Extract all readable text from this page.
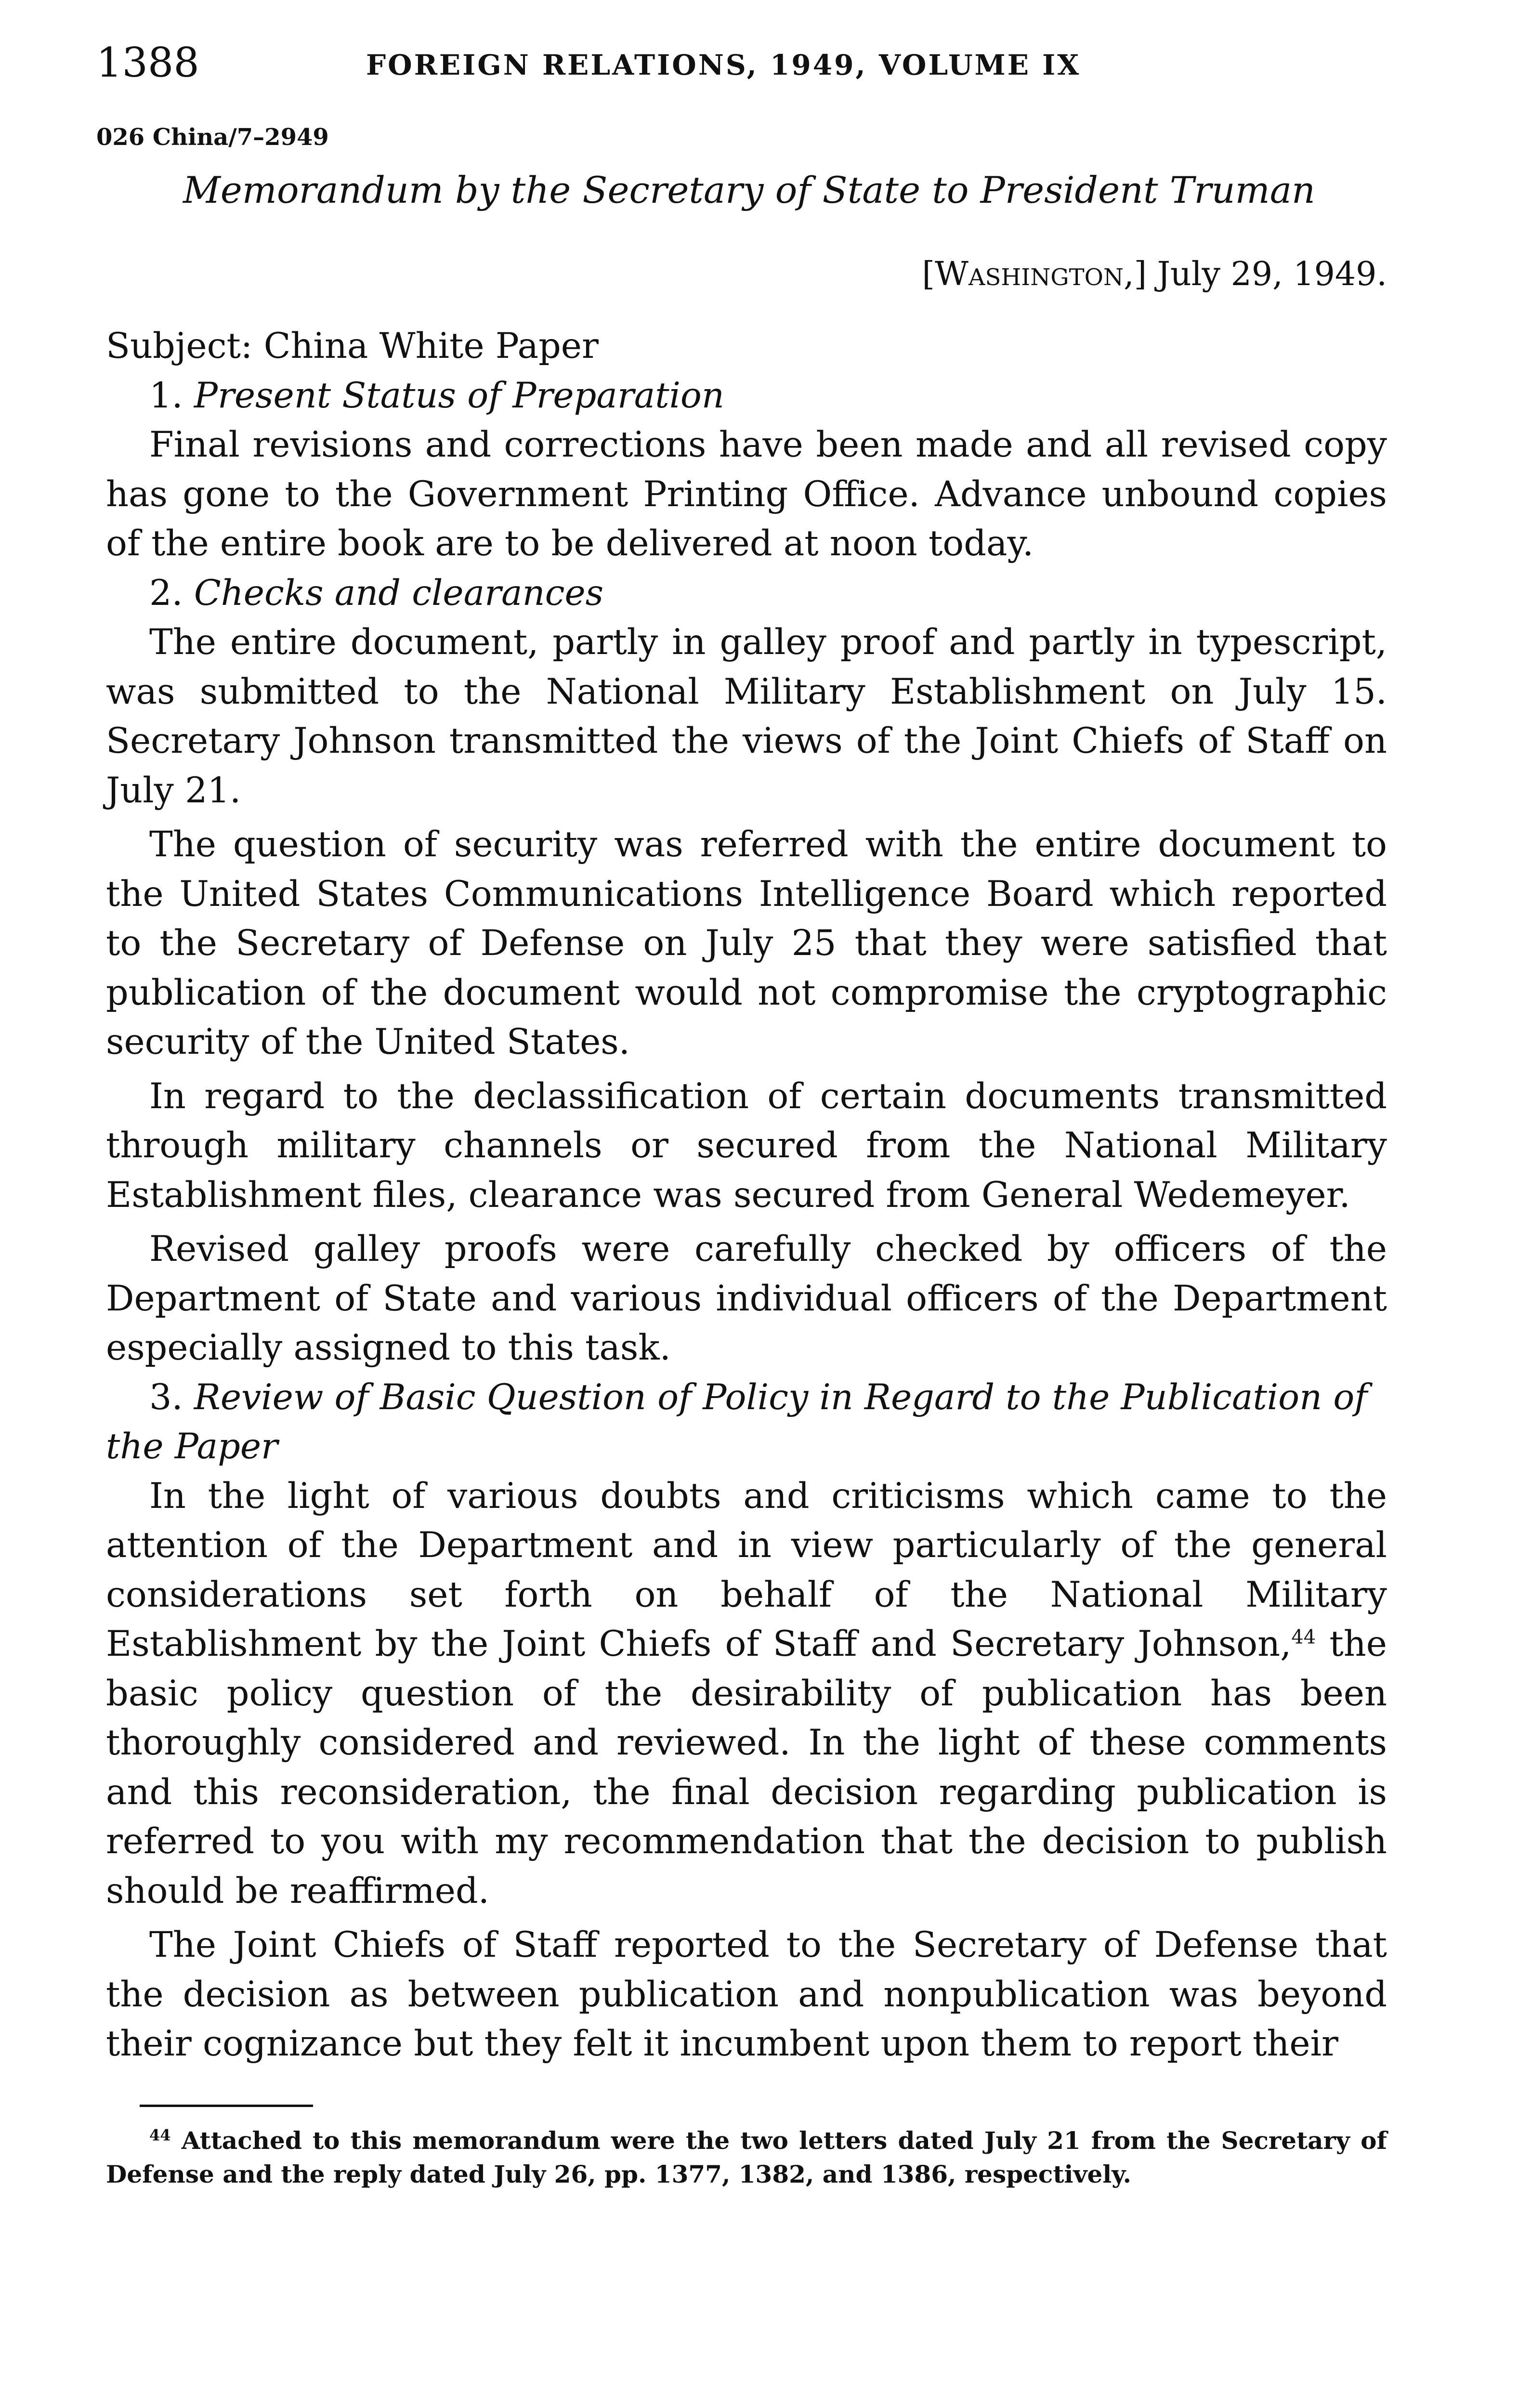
1388	FOREIGN RELATIONS, 1949, VOLUME IX
026 China/7–2949
Memorandum by the Secretary of State to President Truman
[Washington,] July 29, 1949.

Subject: China White Paper

1. Present Status of Preparation

Final revisions and corrections have been made and all revised copy has gone to the Government Printing Office. Advance unbound copies of the entire book are to be delivered at noon today.

2. Checks and clearances

The entire document, partly in galley proof and partly in typescript, was submitted to the National Military Establishment on July 15. Secretary Johnson transmitted the views of the Joint Chiefs of Staff on July 21.

The question of security was referred with the entire document to the United States Communications Intelligence Board which reported to the Secretary of Defense on July 25 that they were satisfied that publication of the document would not compromise the cryptographic security of the United States.

In regard to the declassification of certain documents transmitted through military channels or secured from the National Military Establishment files, clearance was secured from General Wedemeyer.

Revised galley proofs were carefully checked by officers of the Department of State and various individual officers of the Department especially assigned to this task.

3. Review of Basic Question of Policy in Regard to the Publication of the Paper

In the light of various doubts and criticisms which came to the attention of the Department and in view particularly of the general considerations set forth on behalf of the National Military Establishment by the Joint Chiefs of Staff and Secretary Johnson,$^{44}$ the basic policy question of the desirability of publication has been thoroughly considered and reviewed. In the light of these comments and this reconsideration, the final decision regarding publication is referred to you with my recommendation that the decision to publish should be reaffirmed.

The Joint Chiefs of Staff reported to the Secretary of Defense that the decision as between publication and nonpublication was beyond their cognizance but they felt it incumbent upon them to report their

$^{44}$ Attached to this memorandum were the two letters dated July 21 from the Secretary of Defense and the reply dated July 26, pp. 1377, 1382, and 1386, respectively.
